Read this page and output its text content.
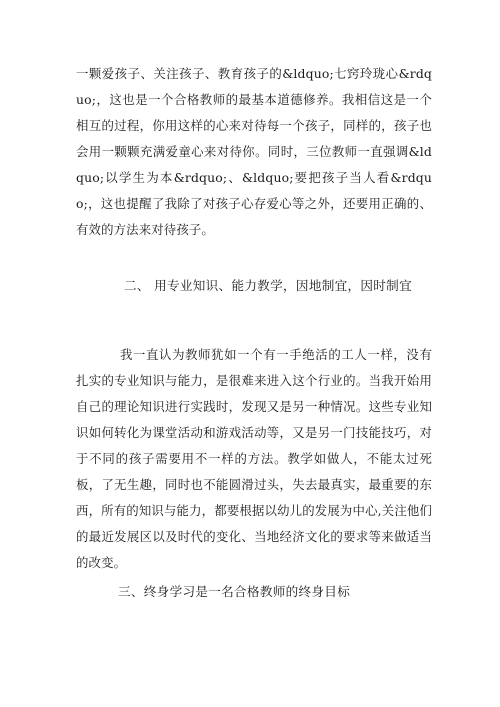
一颗爱孩子、关注孩子、教育孩子的&ldquo;七窍玲珑心&rdquo;，这也是一个合格教师的最基本道德修养。我相信这是一个相互的过程，你用这样的心来对待每一个孩子，同样的，孩子也会用一颗颗充满爱童心来对待你。同时，三位教师一直强调&ldquo;以学生为本&rdquo;、&ldquo;要把孩子当人看&rdquo;，这也提醒了我除了对孩子心存爱心等之外，还要用正确的、有效的方法来对待孩子。

二、 用专业知识、能力教学，因地制宜，因时制宜

我一直认为教师犹如一个有一手绝活的工人一样，没有扎实的专业知识与能力，是很难来进入这个行业的。当我开始用自己的理论知识进行实践时，发现又是另一种情况。这些专业知识如何转化为课堂活动和游戏活动等，又是另一门技能技巧，对于不同的孩子需要用不一样的方法。教学如做人，不能太过死板，了无生趣，同时也不能圆滑过头，失去最真实，最重要的东西，所有的知识与能力，都要根据以幼儿的发展为中心,关注他们的最近发展区以及时代的变化、当地经济文化的要求等来做适当的改变。

三、终身学习是一名合格教师的终身目标
